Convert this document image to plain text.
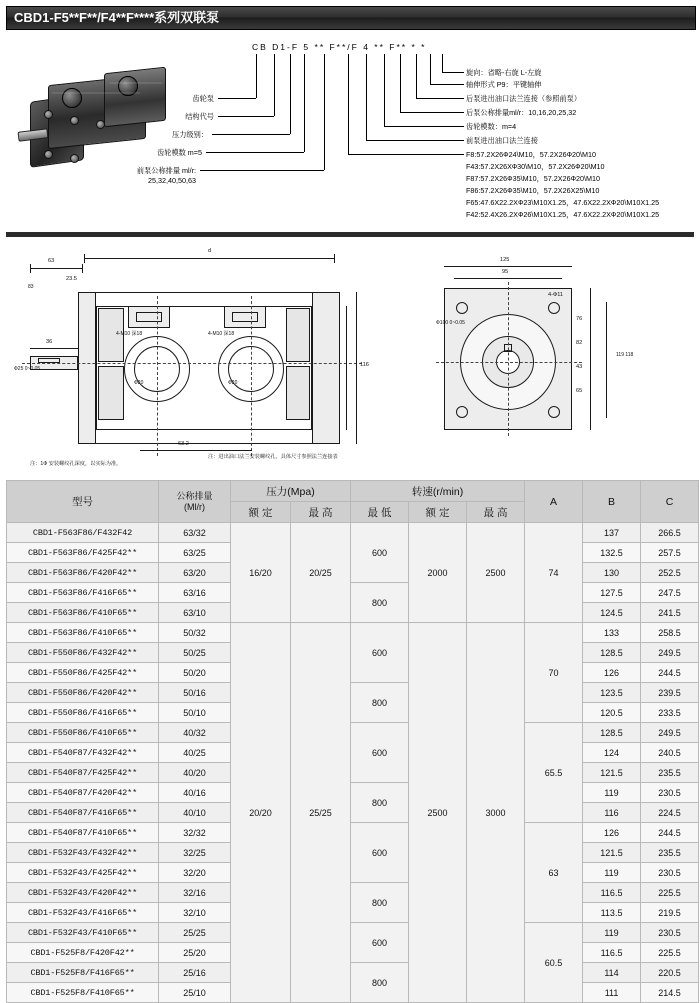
CBD1-F5**F**/F4**F****系列双联泵
CB D1-F 5 ** F**/F 4 ** F** * *
齿轮泵
结构代号
压力级别：
齿轮模数 m=5
前泵公称排量 ml/r:
25,32,40,50,63
旋向：省略-右旋 L-左旋
轴伸形式 P9：平键轴伸
后泵进出油口法兰连接（参照前泵）
后泵公称排量ml/r：10,16,20,25,32
齿轮模数：m=4
前泵进出油口法兰连接
F8:57.2X26Ф24\M10，57.2X26Ф20\M10
F43:57.2X26ХФ30\M10，57.2X26Ф20\M10
F87:57.2X26Ф35\M10，57.2X26Ф20\M10
F86:57.2X26Ф35\M10，57.2X26X25\M10
F65:47.6X22.2XФ23\M10X1.25，47.6X22.2XФ20\M10X1.25
F42:52.4X26.2XФ26\M10X1.25，47.6X22.2XФ20\M10X1.25
63
d
23.5
36
Ф25 0~0.05
116
63.2
注：1Ф 安装螺纹孔深度，以实际为准。
注：进出油口法兰安装螺纹孔，具体尺寸参照法兰连接表
4-M10 深18	4-M10 深18
Ф20	Ф20
83
125
95
4-Ф11
Ф100 0~0.05
76
82
43
65
119 118
型号	公称排量
(Ml/r)	压力(Mpa)		转速(r/min)			A	B	C
		额 定	最 高	最 低	额 定	最 高			
CBD1-F563F86/F432F42	63/32	16/20	20/25	600	2000	2500	74	137	266.5
CBD1-F563F86/F425F42**	63/25							132.5	257.5
CBD1-F563F86/F420F42**	63/20							130	252.5
CBD1-F563F86/F416F65**	63/16			800				127.5	247.5
CBD1-F563F86/F410F65**	63/10							124.5	241.5
CBD1-F563F86/F410F65**	50/32	20/20	25/25	600	2500	3000	70	133	258.5
CBD1-F550F86/F432F42**	50/25							128.5	249.5
CBD1-F550F86/F425F42**	50/20							126	244.5
CBD1-F550F86/F420F42**	50/16			800				123.5	239.5
CBD1-F550F86/F416F65**	50/10							120.5	233.5
CBD1-F550F86/F410F65**	40/32			600			65.5	128.5	249.5
CBD1-F540F87/F432F42**	40/25							124	240.5
CBD1-F540F87/F425F42**	40/20							121.5	235.5
CBD1-F540F87/F420F42**	40/16			800				119	230.5
CBD1-F540F87/F416F65**	40/10							116	224.5
CBD1-F540F87/F410F65**	32/32			600			63	126	244.5
CBD1-F532F43/F432F42**	32/25							121.5	235.5
CBD1-F532F43/F425F42**	32/20							119	230.5
CBD1-F532F43/F420F42**	32/16			800				116.5	225.5
CBD1-F532F43/F416F65**	32/10							113.5	219.5
CBD1-F532F43/F410F65**	25/25			600			60.5	119	230.5
CBD1-F525F8/F420F42**	25/20							116.5	225.5
CBD1-F525F8/F416F65**	25/16			800				114	220.5
CBD1-F525F8/F410F65**	25/10							111	214.5
